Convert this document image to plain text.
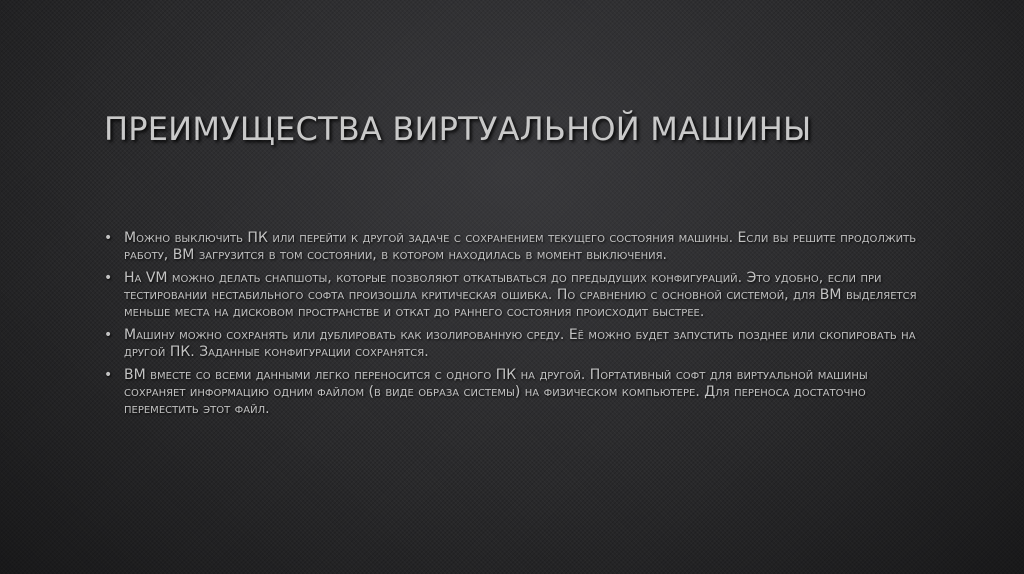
ПРЕИМУЩЕСТВА ВИРТУАЛЬНОЙ МАШИНЫ
• Можно выключить ПК или перейти к другой задаче с сохранением текущего состояния машины. Если вы решите продолжить работу, ВМ загрузится в том состоянии, в котором находилась в момент выключения.
• На VM можно делать снапшоты, которые позволяют откатываться до предыдущих конфигураций. Это удобно, если при тестировании нестабильного софта произошла критическая ошибка. По сравнению с основной системой, для ВМ выделяется меньше места на дисковом пространстве и откат до раннего состояния происходит быстрее.
• Машину можно сохранять или дублировать как изолированную среду. Её можно будет запустить позднее или скопировать на другой ПК. Заданные конфигурации сохранятся.
• ВМ вместе со всеми данными легко переносится с одного ПК на другой. Портативный софт для виртуальной машины сохраняет информацию одним файлом (в виде образа системы) на физическом компьютере. Для переноса достаточно переместить этот файл.
